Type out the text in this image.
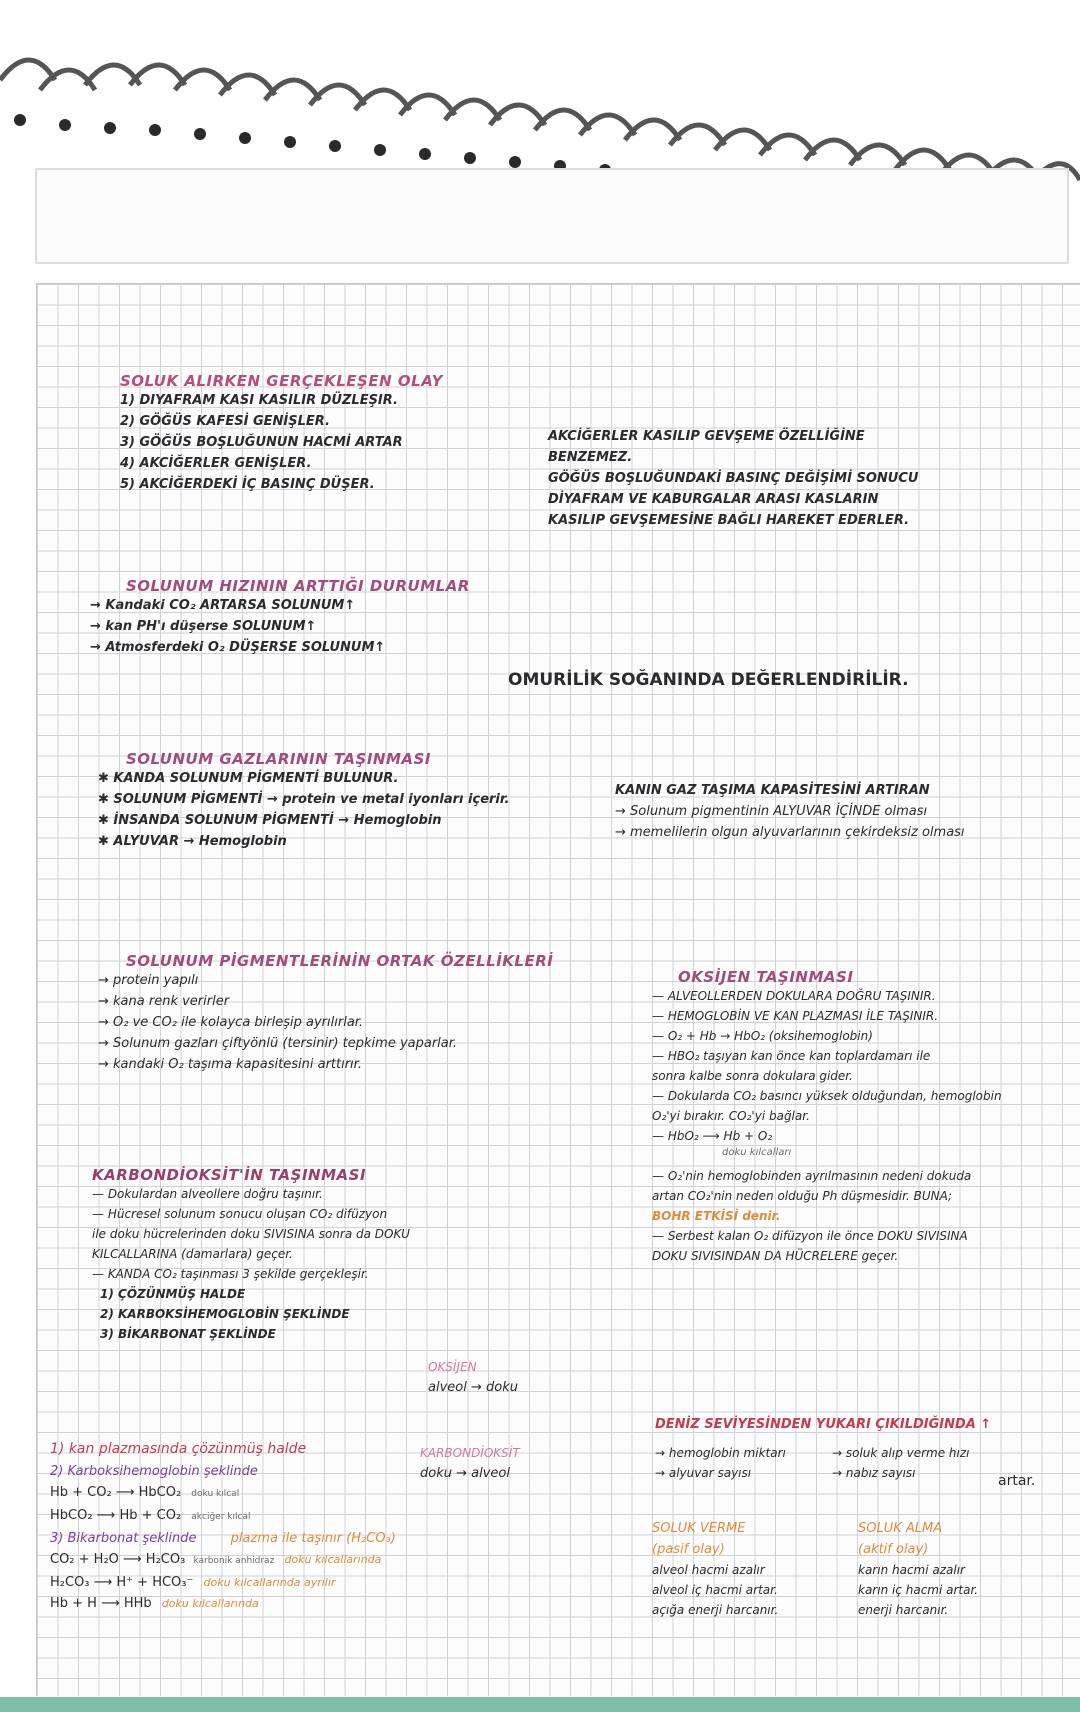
SOLUK ALIRKEN GERÇEKLEŞEN OLAY
1) DIYAFRAM KASI KASILIR DÜZLEŞIR.
2) GÖĞÜS KAFESİ GENİŞLER.
3) GÖĞÜS BOŞLUĞUNUN HACMİ ARTAR
4) AKCİĞERLER GENİŞLER.
5) AKCİĞERDEKİ İÇ BASINÇ DÜŞER.
AKCİĞERLER KASILIP GEVŞEME ÖZELLİĞİNE
BENZEMEZ.
GÖĞÜS BOŞLUĞUNDAKİ BASINÇ DEĞİŞİMİ SONUCU
DİYAFRAM VE KABURGALAR ARASI KASLARIN
KASILIP GEVŞEMESİNE BAĞLI HAREKET EDERLER.
SOLUNUM HIZININ ARTTIĞI DURUMLAR
→ Kandaki CO₂ ARTARSA SOLUNUM↑
→ kan PH'ı düşerse SOLUNUM↑
→ Atmosferdeki O₂ DÜŞERSE SOLUNUM↑
OMURİLİK SOĞANINDA DEĞERLENDİRİLİR.
SOLUNUM GAZLARININ TAŞINMASI
✱ KANDA SOLUNUM PİGMENTİ BULUNUR.
✱ SOLUNUM PİGMENTİ → protein ve metal iyonları içerir.
✱ İNSANDA SOLUNUM PİGMENTİ → Hemoglobin
✱ ALYUVAR → Hemoglobin
KANIN GAZ TAŞIMA KAPASİTESİNİ ARTIRAN
→ Solunum pigmentinin ALYUVAR İÇİNDE olması
→ memelilerin olgun alyuvarlarının çekirdeksiz olması
SOLUNUM PİGMENTLERİNİN ORTAK ÖZELLİKLERİ
→ protein yapılı
→ kana renk verirler
→ O₂ ve CO₂ ile kolayca birleşip ayrılırlar.
→ Solunum gazları çiftyönlü (tersinir) tepkime yaparlar.
→ kandaki O₂ taşıma kapasitesini arttırır.
OKSİJEN TAŞINMASI
— ALVEOLLERDEN DOKULARA DOĞRU TAŞINIR.
— HEMOGLOBİN VE KAN PLAZMASI İLE TAŞINIR.
— O₂ + Hb → HbO₂ (oksihemoglobin)
— HBO₂ taşıyan kan önce kan toplardamarı ile
sonra kalbe sonra dokulara gider.
— Dokularda CO₂ basıncı yüksek olduğundan, hemoglobin
O₂'yi bırakır. CO₂'yi bağlar.
— HbO₂ ⟶ Hb + O₂
doku kılcalları
— O₂'nin hemoglobinden ayrılmasının nedeni dokuda
artan CO₂'nin neden olduğu Ph düşmesidir. BUNA;
BOHR ETKİSİ denir.
— Serbest kalan O₂ difüzyon ile önce DOKU SIVISINA
DOKU SIVISINDAN DA HÜCRELERE geçer.
KARBONDİOKSİT'İN TAŞINMASI
— Dokulardan alveollere doğru taşınır.
— Hücresel solunum sonucu oluşan CO₂ difüzyon
ile doku hücrelerinden doku SIVISINA sonra da DOKU
KILCALLARINA (damarlara) geçer.
— KANDA CO₂ taşınması 3 şekilde gerçekleşir.
1) ÇÖZÜNMÜŞ HALDE
2) KARBOKSİHEMOGLOBİN ŞEKLİNDE
3) BİKARBONAT ŞEKLİNDE
OKSİJEN
alveol → doku
KARBONDİOKSİT
doku → alveol
1) kan plazmasında çözünmüş halde
2) Karboksihemoglobin şeklinde
Hb + CO₂ ⟶ HbCO₂ doku kılcal
HbCO₂ ⟶ Hb + CO₂ akciğer kılcal
3) Bikarbonat şeklinde	plazma ile taşınır (H₂CO₃)
CO₂ + H₂O ⟶ H₂CO₃ karbonik anhidraz doku kılcallarında
H₂CO₃ ⟶ H⁺ + HCO₃⁻ doku kılcallarında ayrılır
Hb + H ⟶ HHb doku kılcallarında
DENİZ SEVİYESİNDEN YUKARI ÇIKILDIĞINDA ↑
→ hemoglobin miktarı
→ alyuvar sayısı
→ soluk alıp verme hızı
→ nabız sayısı	artar.
SOLUK VERME
(pasif olay)
alveol hacmi azalır
alveol iç hacmi artar.
açığa enerji harcanır.
SOLUK ALMA
(aktif olay)
karın hacmi azalır
karın iç hacmi artar.
enerji harcanır.
